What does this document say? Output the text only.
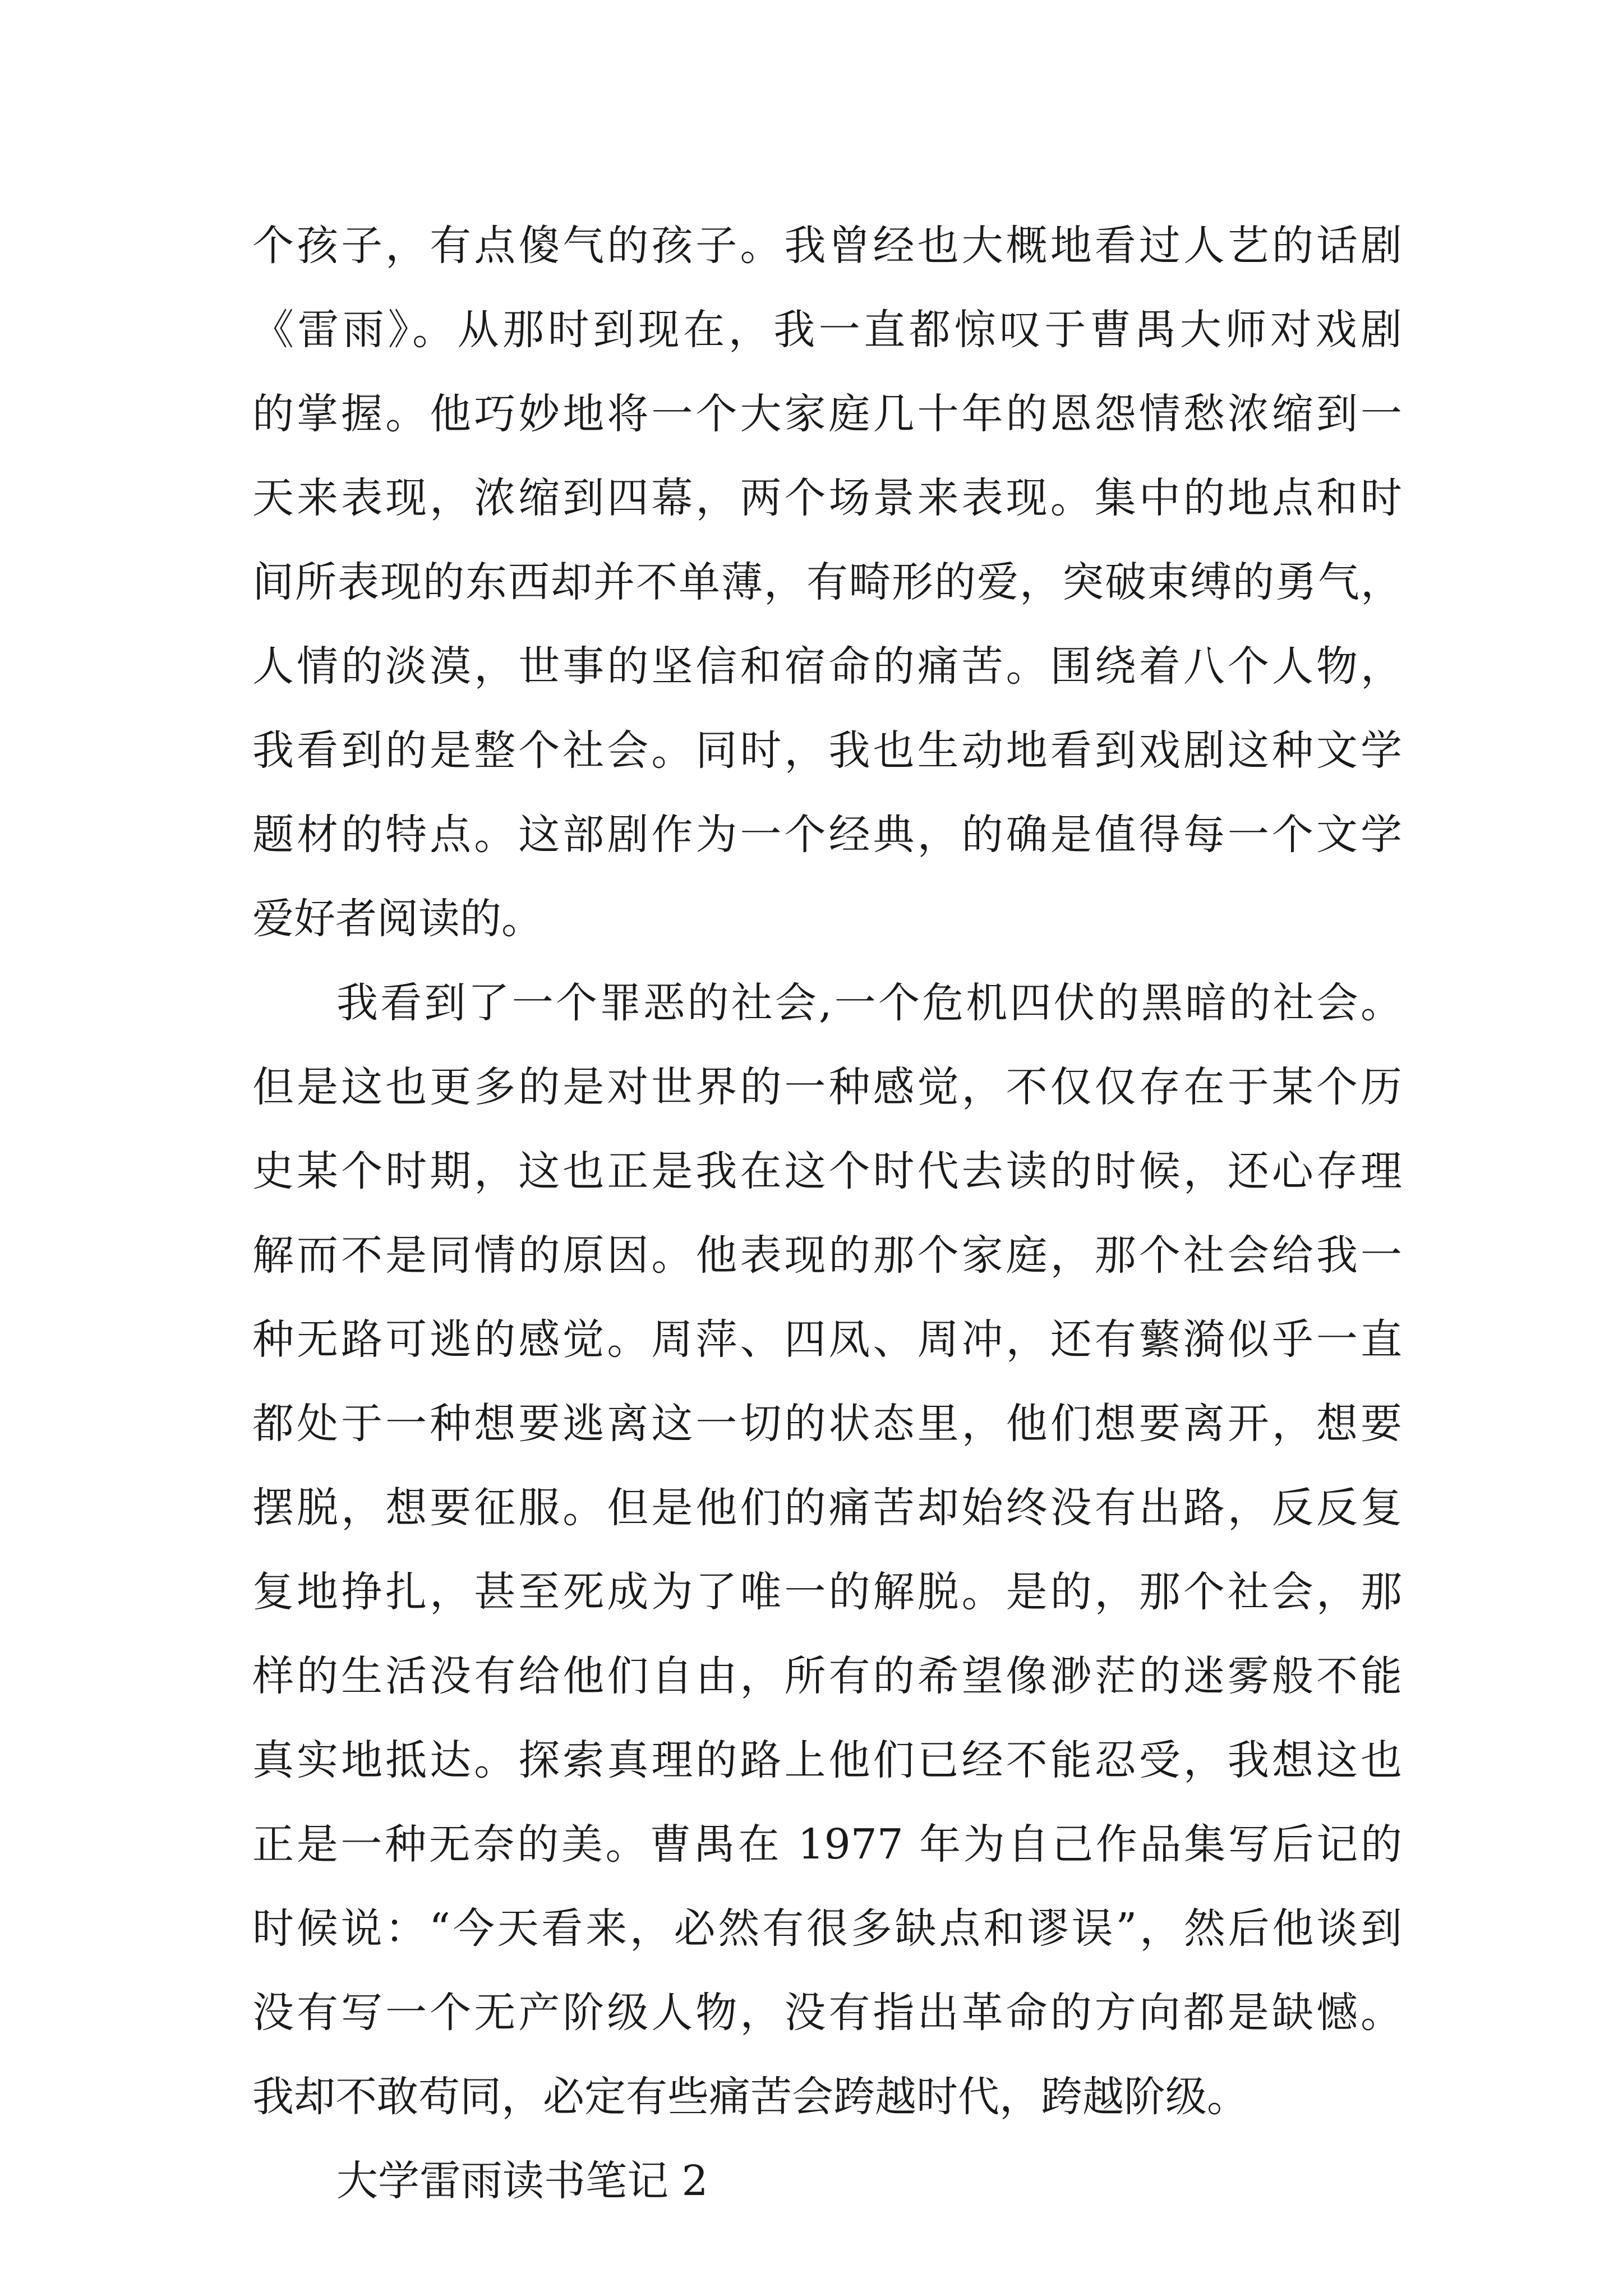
个孩子，有点傻气的孩子。我曾经也大概地看过人艺的话剧
《雷雨》。从那时到现在，我一直都惊叹于曹禺大师对戏剧
的掌握。他巧妙地将一个大家庭几十年的恩怨情愁浓缩到一
天来表现，浓缩到四幕，两个场景来表现。集中的地点和时
间所表现的东西却并不单薄，有畸形的爱，突破束缚的勇气，
人情的淡漠，世事的坚信和宿命的痛苦。围绕着八个人物，
我看到的是整个社会。同时，我也生动地看到戏剧这种文学
题材的特点。这部剧作为一个经典，的确是值得每一个文学
爱好者阅读的。
我看到了一个罪恶的社会,一个危机四伏的黑暗的社会。
但是这也更多的是对世界的一种感觉，不仅仅存在于某个历
史某个时期，这也正是我在这个时代去读的时候，还心存理
解而不是同情的原因。他表现的那个家庭，那个社会给我一
种无路可逃的感觉。周萍、四凤、周冲，还有蘩漪似乎一直
都处于一种想要逃离这一切的状态里，他们想要离开，想要
摆脱，想要征服。但是他们的痛苦却始终没有出路，反反复
复地挣扎，甚至死成为了唯一的解脱。是的，那个社会，那
样的生活没有给他们自由，所有的希望像渺茫的迷雾般不能
真实地抵达。探索真理的路上他们已经不能忍受，我想这也
正是一种无奈的美。曹禺在 1977 年为自己作品集写后记的
时候说：“今天看来，必然有很多缺点和谬误”，然后他谈到
没有写一个无产阶级人物，没有指出革命的方向都是缺憾。
我却不敢苟同，必定有些痛苦会跨越时代，跨越阶级。
大学雷雨读书笔记 2
